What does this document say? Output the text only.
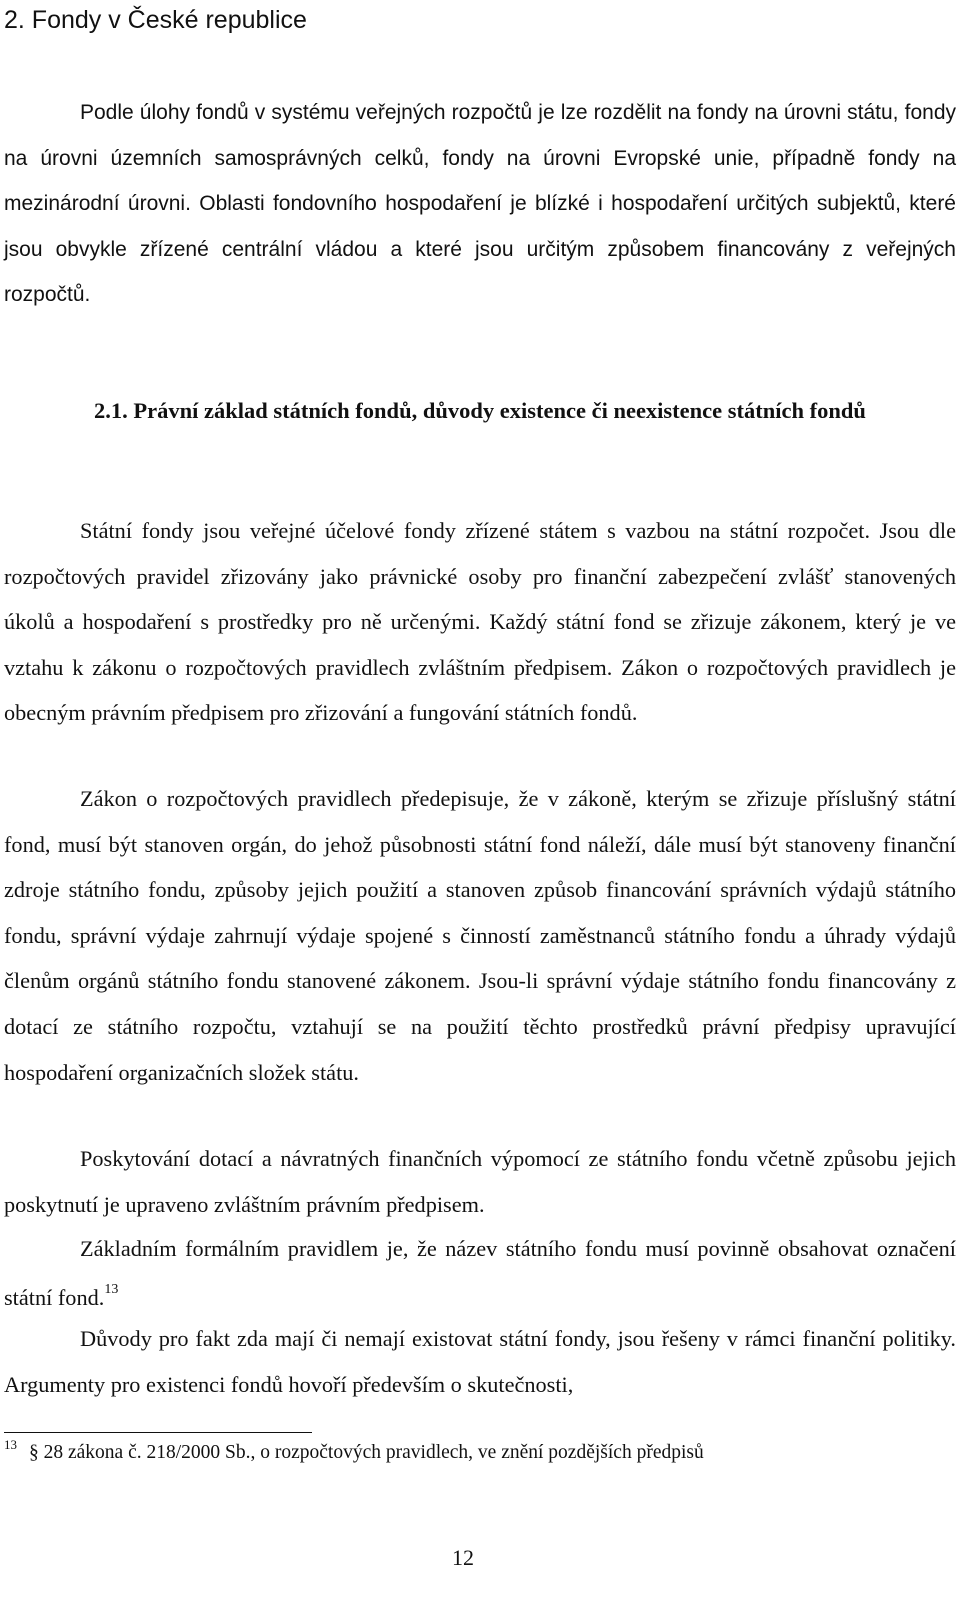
2. Fondy v České republice

Podle úlohy fondů v systému veřejných rozpočtů je lze rozdělit na fondy na úrovni státu, fondy na úrovni územních samosprávných celků, fondy na úrovni Evropské unie, případně fondy na mezinárodní úrovni. Oblasti fondovního hospodaření je blízké i hospodaření určitých subjektů, které jsou obvykle zřízené centrální vládou a které jsou určitým způsobem financovány z veřejných rozpočtů.

2.1. Právní základ státních fondů, důvody existence či neexistence státních fondů

Státní fondy jsou veřejné účelové fondy zřízené státem s vazbou na státní rozpočet. Jsou dle rozpočtových pravidel zřizovány jako právnické osoby pro finanční zabezpečení zvlášť stanovených úkolů a hospodaření s prostředky pro ně určenými. Každý státní fond se zřizuje zákonem, který je ve vztahu k zákonu o rozpočtových pravidlech zvláštním předpisem. Zákon o rozpočtových pravidlech je obecným právním předpisem pro zřizování a fungování státních fondů.

Zákon o rozpočtových pravidlech předepisuje, že v zákoně, kterým se zřizuje příslušný státní fond, musí být stanoven orgán, do jehož působnosti státní fond náleží, dále musí být stanoveny finanční zdroje státního fondu, způsoby jejich použití a stanoven způsob financování správních výdajů státního fondu, správní výdaje zahrnují výdaje spojené s činností zaměstnanců státního fondu a úhrady výdajů členům orgánů státního fondu stanovené zákonem. Jsou-li správní výdaje státního fondu financovány z dotací ze státního rozpočtu, vztahují se na použití těchto prostředků právní předpisy upravující hospodaření organizačních složek státu.

Poskytování dotací a návratných finančních výpomocí ze státního fondu včetně způsobu jejich poskytnutí je upraveno zvláštním právním předpisem.

Základním formálním pravidlem je, že název státního fondu musí povinně obsahovat označení státní fond.$^{13}$

Důvody pro fakt zda mají či nemají existovat státní fondy, jsou řešeny v rámci finanční politiky. Argumenty pro existenci fondů hovoří především o skutečnosti,

$^{13}$ § 28 zákona č. 218/2000 Sb., o rozpočtových pravidlech, ve znění pozdějších předpisů

12
